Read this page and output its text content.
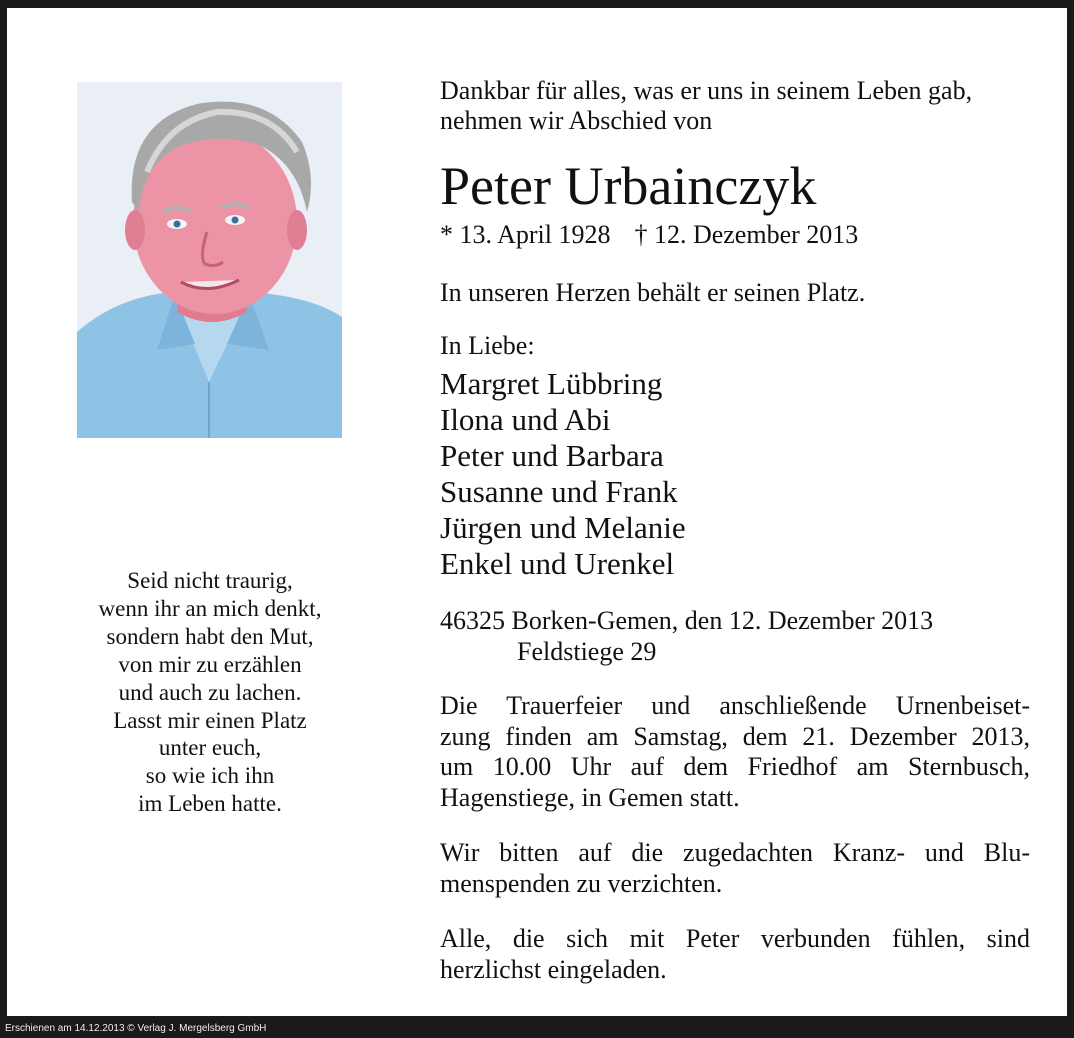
Seid nicht traurig,
wenn ihr an mich denkt,
sondern habt den Mut,
von mir zu erzählen
und auch zu lachen.
Lasst mir einen Platz
unter euch,
so wie ich ihn
im Leben hatte.
Dankbar für alles, was er uns in seinem Leben gab,
nehmen wir Abschied von
Peter Urbainczyk
* 13. April 1928 † 12. Dezember 2013
In unseren Herzen behält er seinen Platz.
In Liebe:
Margret Lübbring
Ilona und Abi
Peter und Barbara
Susanne und Frank
Jürgen und Melanie
Enkel und Urenkel
46325 Borken-Gemen, den 12. Dezember 2013
Feldstiege 29
Die Trauerfeier und anschließende Urnenbeiset-
zung finden am Samstag, dem 21. Dezember 2013,
um 10.00 Uhr auf dem Friedhof am Sternbusch,
Hagenstiege, in Gemen statt.
Wir bitten auf die zugedachten Kranz- und Blu-
menspenden zu verzichten.
Alle, die sich mit Peter verbunden fühlen, sind
herzlichst eingeladen.
Erschienen am 14.12.2013 © Verlag J. Mergelsberg GmbH
